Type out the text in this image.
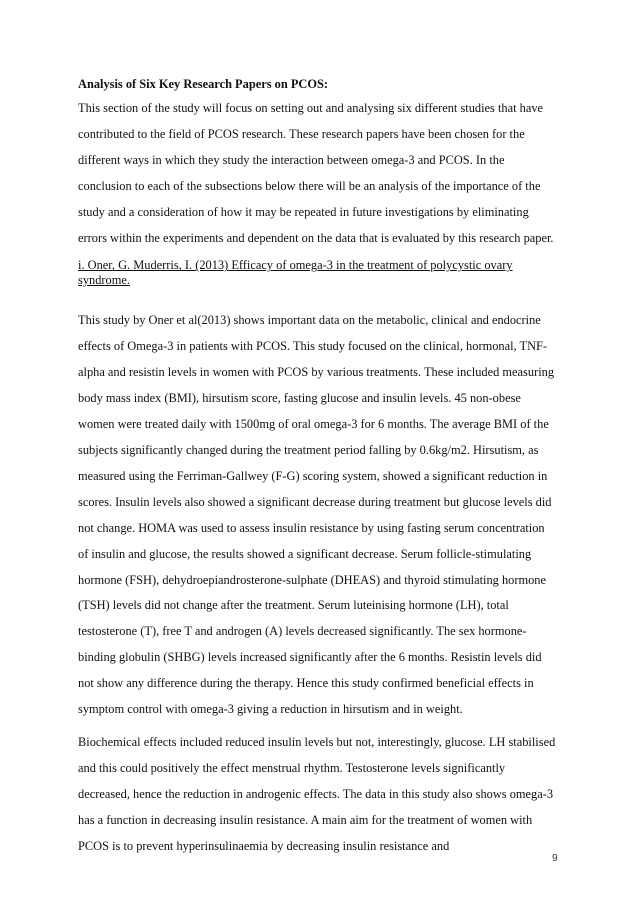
Analysis of Six Key Research Papers on PCOS:

This section of the study will focus on setting out and analysing six different studies that have contributed to the field of PCOS research. These research papers have been chosen for the different ways in which they study the interaction between omega-3 and PCOS. In the conclusion to each of the subsections below there will be an analysis of the importance of the study and a consideration of how it may be repeated in future investigations by eliminating errors within the experiments and dependent on the data that is evaluated by this research paper.

i. Oner, G. Muderris, I. (2013) Efficacy of omega-3 in the treatment of polycystic ovary syndrome.

This study by Oner et al(2013) shows important data on the metabolic, clinical and endocrine effects of Omega-3 in patients with PCOS. This study focused on the clinical, hormonal, TNF-alpha and resistin levels in women with PCOS by various treatments. These included measuring body mass index (BMI), hirsutism score, fasting glucose and insulin levels. 45 non-obese women were treated daily with 1500mg of oral omega-3 for 6 months. The average BMI of the subjects significantly changed during the treatment period falling by 0.6kg/m2. Hirsutism, as measured using the Ferriman-Gallwey (F-G) scoring system, showed a significant reduction in scores. Insulin levels also showed a significant decrease during treatment but glucose levels did not change. HOMA was used to assess insulin resistance by using fasting serum concentration of insulin and glucose, the results showed a significant decrease. Serum follicle-stimulating hormone (FSH), dehydroepiandrosterone-sulphate (DHEAS) and thyroid stimulating hormone (TSH) levels did not change after the treatment. Serum luteinising hormone (LH), total testosterone (T), free T and androgen (A) levels decreased significantly. The sex hormone-binding globulin (SHBG) levels increased significantly after the 6 months. Resistin levels did not show any difference during the therapy. Hence this study confirmed beneficial effects in symptom control with omega-3 giving a reduction in hirsutism and in weight.

Biochemical effects included reduced insulin levels but not, interestingly, glucose. LH stabilised and this could positively the effect menstrual rhythm. Testosterone levels significantly decreased, hence the reduction in androgenic effects. The data in this study also shows omega-3 has a function in decreasing insulin resistance. A main aim for the treatment of women with PCOS is to prevent hyperinsulinaemia by decreasing insulin resistance and

9
